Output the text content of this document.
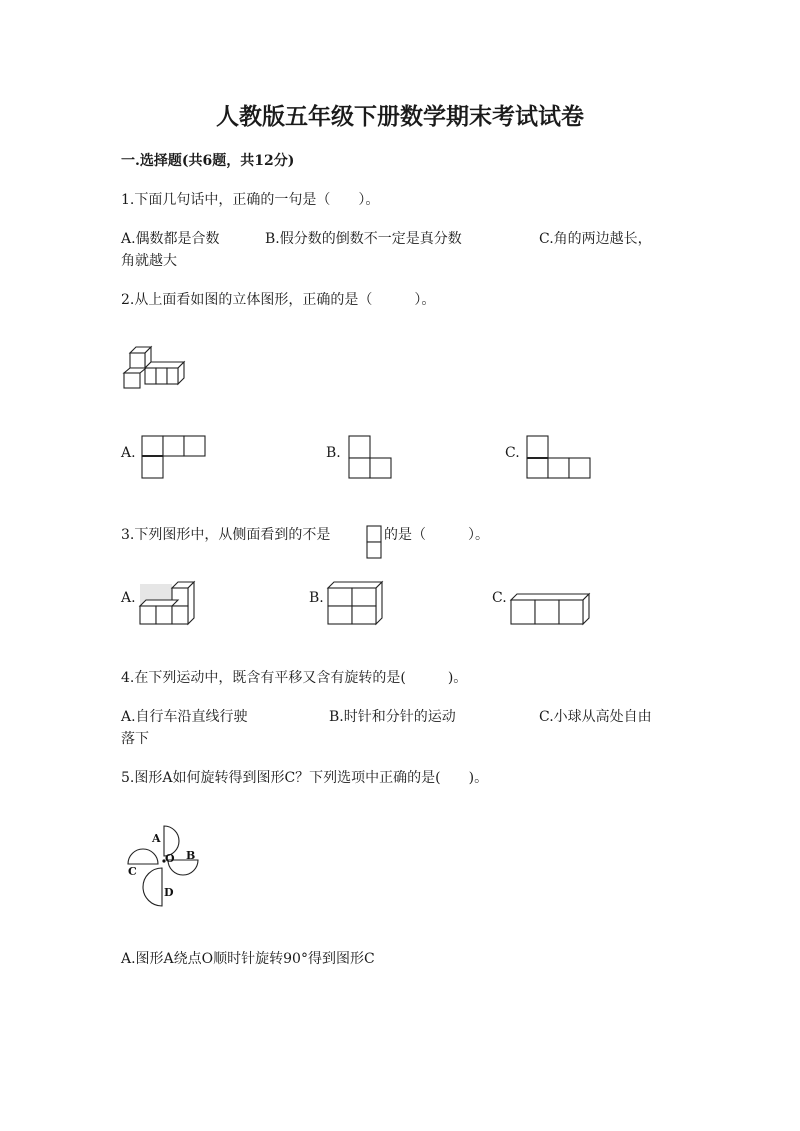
人教版五年级下册数学期末考试试卷
一.选择题(共6题，共12分)
1.下面几句话中，正确的一句是（　　）。
A.偶数都是合数	B.假分数的倒数不一定是真分数	C.角的两边越长，
角就越大
2.从上面看如图的立体图形，正确的是（　　　）。
A.	B.	C.
3.下列图形中，从侧面看到的不是	的是（　　　）。
A.	B.	C.
4.在下列运动中，既含有平移又含有旋转的是(　　　)。
A.自行车沿直线行驶	B.时针和分针的运动	C.小球从高处自由
落下
5.图形A如何旋转得到图形C？下列选项中正确的是(　　)。
A
B
C
D
O
A.图形A绕点O顺时针旋转90°得到图形C
